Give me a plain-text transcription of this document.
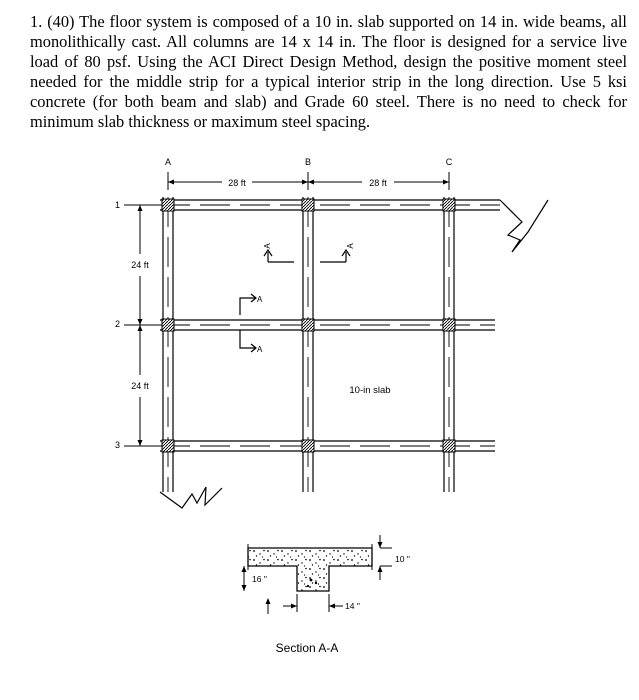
1. (40) The floor system is composed of a 10 in. slab supported on 14 in. wide beams, all monolithically cast. All columns are 14 x 14 in. The floor is designed for a service live load of 80 psf. Using the ACI Direct Design Method, design the positive moment steel needed for the middle strip for a typical interior strip in the long direction. Use 5 ksi concrete (for both beam and slab) and Grade 60 steel. There is no need to check for minimum slab thickness or maximum steel spacing.
A	B	C
1
2
3
28 ft	28 ft
24 ft
24 ft
A	A
A
A
10-in slab
10 "
16 "
14 "
Section A-A
